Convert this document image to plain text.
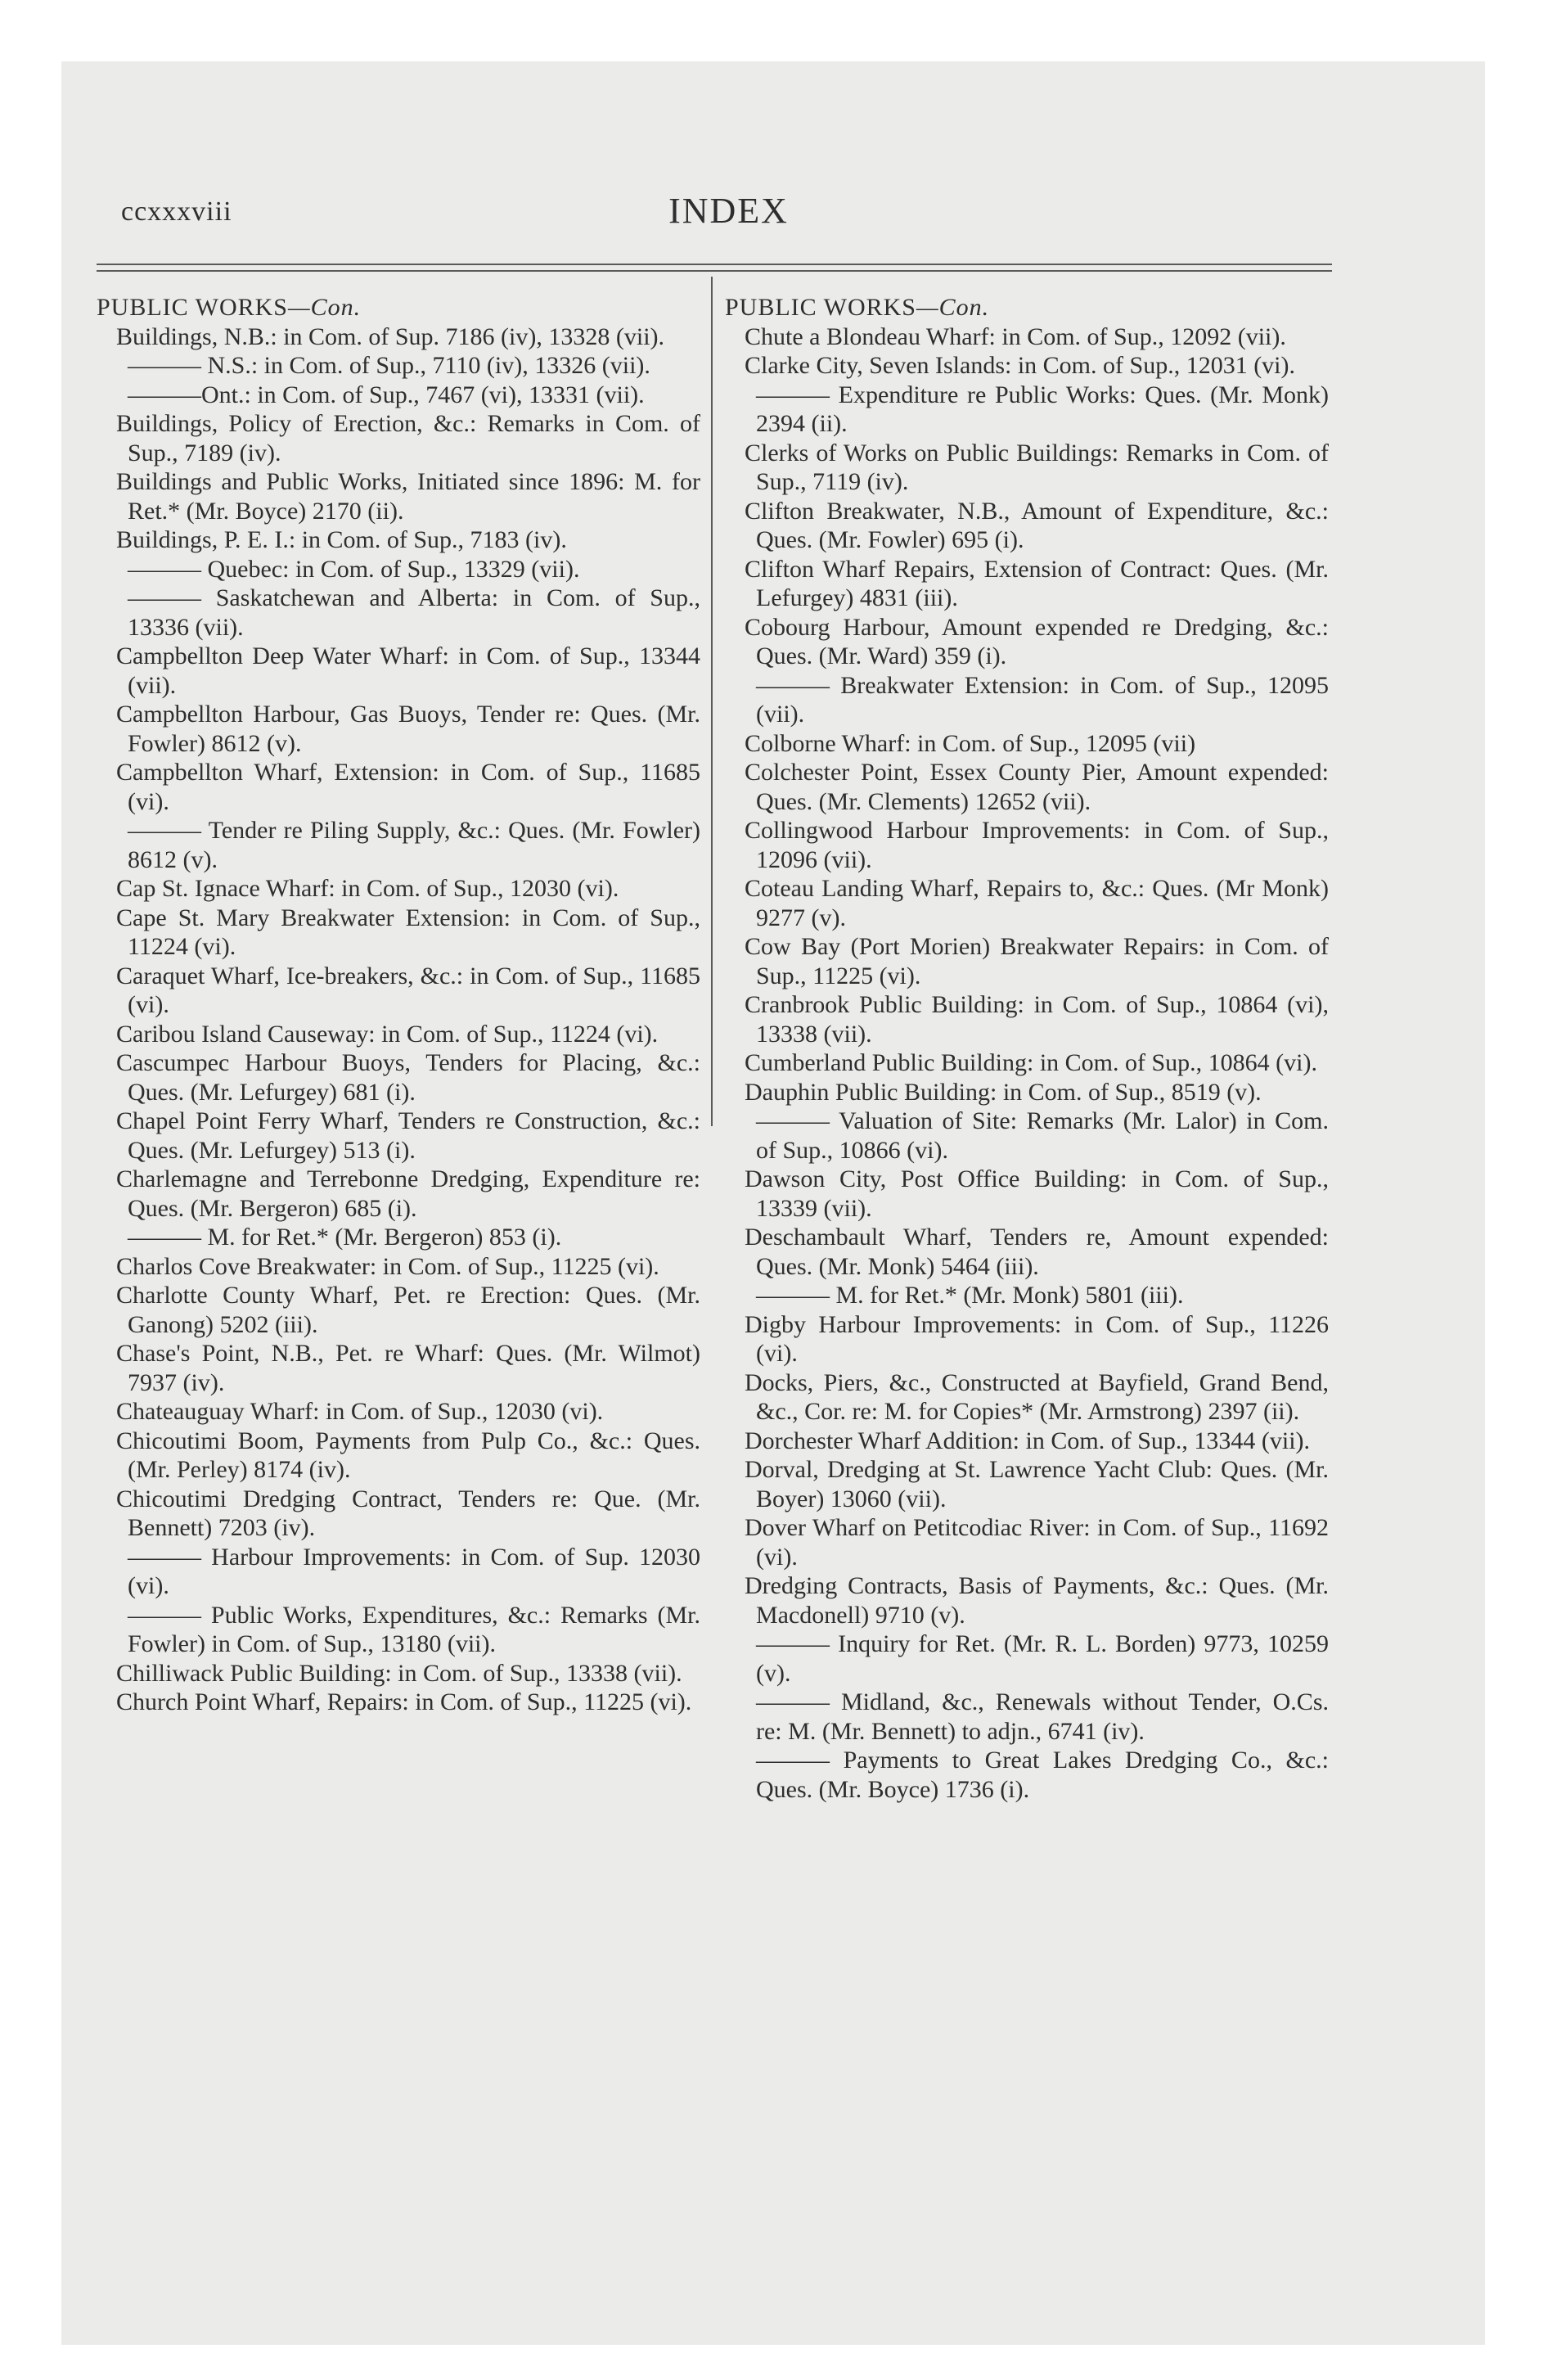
ccxxxviii	INDEX

PUBLIC WORKS—Con.

Buildings, N.B.: in Com. of Sup. 7186 (iv), 13328 (vii).

——— N.S.: in Com. of Sup., 7110 (iv), 13326 (vii).

———Ont.: in Com. of Sup., 7467 (vi), 13331 (vii).

Buildings, Policy of Erection, &c.: Remarks in Com. of Sup., 7189 (iv).

Buildings and Public Works, Initiated since 1896: M. for Ret.* (Mr. Boyce) 2170 (ii).

Buildings, P. E. I.: in Com. of Sup., 7183 (iv).

——— Quebec: in Com. of Sup., 13329 (vii).

——— Saskatchewan and Alberta: in Com. of Sup., 13336 (vii).

Campbellton Deep Water Wharf: in Com. of Sup., 13344 (vii).

Campbellton Harbour, Gas Buoys, Tender re: Ques. (Mr. Fowler) 8612 (v).

Campbellton Wharf, Extension: in Com. of Sup., 11685 (vi).

——— Tender re Piling Supply, &c.: Ques. (Mr. Fowler) 8612 (v).

Cap St. Ignace Wharf: in Com. of Sup., 12030 (vi).

Cape St. Mary Breakwater Extension: in Com. of Sup., 11224 (vi).

Caraquet Wharf, Ice-breakers, &c.: in Com. of Sup., 11685 (vi).

Caribou Island Causeway: in Com. of Sup., 11224 (vi).

Cascumpec Harbour Buoys, Tenders for Placing, &c.: Ques. (Mr. Lefurgey) 681 (i).

Chapel Point Ferry Wharf, Tenders re Construction, &c.: Ques. (Mr. Lefurgey) 513 (i).

Charlemagne and Terrebonne Dredging, Expenditure re: Ques. (Mr. Bergeron) 685 (i).

——— M. for Ret.* (Mr. Bergeron) 853 (i).

Charlos Cove Breakwater: in Com. of Sup., 11225 (vi).

Charlotte County Wharf, Pet. re Erection: Ques. (Mr. Ganong) 5202 (iii).

Chase's Point, N.B., Pet. re Wharf: Ques. (Mr. Wilmot) 7937 (iv).

Chateauguay Wharf: in Com. of Sup., 12030 (vi).

Chicoutimi Boom, Payments from Pulp Co., &c.: Ques. (Mr. Perley) 8174 (iv).

Chicoutimi Dredging Contract, Tenders re: Que. (Mr. Bennett) 7203 (iv).

——— Harbour Improvements: in Com. of Sup. 12030 (vi).

——— Public Works, Expenditures, &c.: Remarks (Mr. Fowler) in Com. of Sup., 13180 (vii).

Chilliwack Public Building: in Com. of Sup., 13338 (vii).

Church Point Wharf, Repairs: in Com. of Sup., 11225 (vi).

PUBLIC WORKS—Con.

Chute a Blondeau Wharf: in Com. of Sup., 12092 (vii).

Clarke City, Seven Islands: in Com. of Sup., 12031 (vi).

——— Expenditure re Public Works: Ques. (Mr. Monk) 2394 (ii).

Clerks of Works on Public Buildings: Remarks in Com. of Sup., 7119 (iv).

Clifton Breakwater, N.B., Amount of Expenditure, &c.: Ques. (Mr. Fowler) 695 (i).

Clifton Wharf Repairs, Extension of Contract: Ques. (Mr. Lefurgey) 4831 (iii).

Cobourg Harbour, Amount expended re Dredging, &c.: Ques. (Mr. Ward) 359 (i).

——— Breakwater Extension: in Com. of Sup., 12095 (vii).

Colborne Wharf: in Com. of Sup., 12095 (vii)

Colchester Point, Essex County Pier, Amount expended: Ques. (Mr. Clements) 12652 (vii).

Collingwood Harbour Improvements: in Com. of Sup., 12096 (vii).

Coteau Landing Wharf, Repairs to, &c.: Ques. (Mr Monk) 9277 (v).

Cow Bay (Port Morien) Breakwater Repairs: in Com. of Sup., 11225 (vi).

Cranbrook Public Building: in Com. of Sup., 10864 (vi), 13338 (vii).

Cumberland Public Building: in Com. of Sup., 10864 (vi).

Dauphin Public Building: in Com. of Sup., 8519 (v).

——— Valuation of Site: Remarks (Mr. Lalor) in Com. of Sup., 10866 (vi).

Dawson City, Post Office Building: in Com. of Sup., 13339 (vii).

Deschambault Wharf, Tenders re, Amount expended: Ques. (Mr. Monk) 5464 (iii).

——— M. for Ret.* (Mr. Monk) 5801 (iii).

Digby Harbour Improvements: in Com. of Sup., 11226 (vi).

Docks, Piers, &c., Constructed at Bayfield, Grand Bend, &c., Cor. re: M. for Copies* (Mr. Armstrong) 2397 (ii).

Dorchester Wharf Addition: in Com. of Sup., 13344 (vii).

Dorval, Dredging at St. Lawrence Yacht Club: Ques. (Mr. Boyer) 13060 (vii).

Dover Wharf on Petitcodiac River: in Com. of Sup., 11692 (vi).

Dredging Contracts, Basis of Payments, &c.: Ques. (Mr. Macdonell) 9710 (v).

——— Inquiry for Ret. (Mr. R. L. Borden) 9773, 10259 (v).

——— Midland, &c., Renewals without Tender, O.Cs. re: M. (Mr. Bennett) to adjn., 6741 (iv).

——— Payments to Great Lakes Dredging Co., &c.: Ques. (Mr. Boyce) 1736 (i).
